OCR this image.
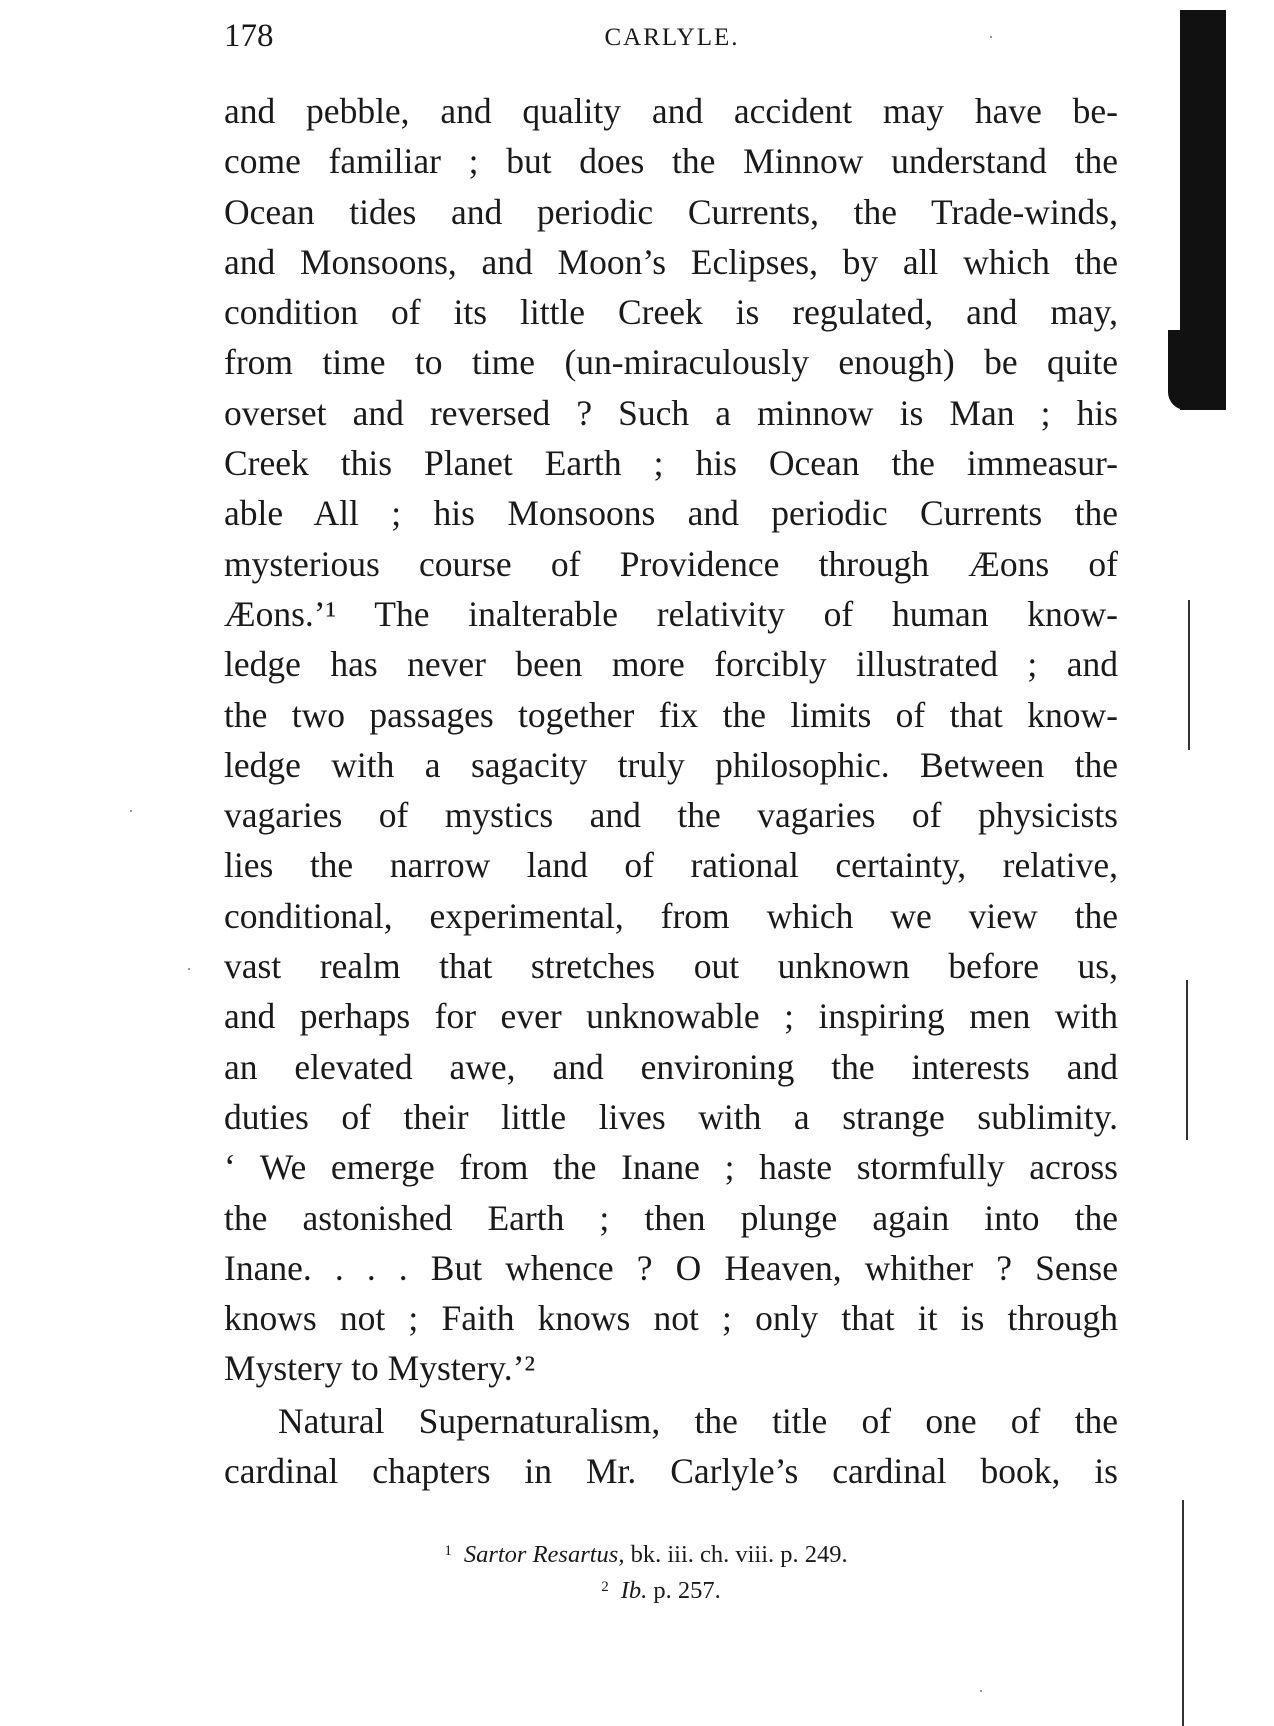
178	CARLYLE.
and pebble, and quality and accident may have be-
come familiar ; but does the Minnow understand the
Ocean tides and periodic Currents, the Trade-winds,
and Monsoons, and Moon’s Eclipses, by all which the
condition of its little Creek is regulated, and may,
from time to time (un-miraculously enough) be quite
overset and reversed ? Such a minnow is Man ; his
Creek this Planet Earth ; his Ocean the immeasur-
able All ; his Monsoons and periodic Currents the
mysterious course of Providence through Æons of
Æons.’¹ The inalterable relativity of human know-
ledge has never been more forcibly illustrated ; and
the two passages together fix the limits of that know-
ledge with a sagacity truly philosophic. Between the
vagaries of mystics and the vagaries of physicists
lies the narrow land of rational certainty, relative,
conditional, experimental, from which we view the
vast realm that stretches out unknown before us,
and perhaps for ever unknowable ; inspiring men with
an elevated awe, and environing the interests and
duties of their little lives with a strange sublimity.
‘ We emerge from the Inane ; haste stormfully across
the astonished Earth ; then plunge again into the
Inane. . . . But whence ? O Heaven, whither ? Sense
knows not ; Faith knows not ; only that it is through
Mystery to Mystery.’²
Natural Supernaturalism, the title of one of the
cardinal chapters in Mr. Carlyle’s cardinal book, is
$^1$ Sartor Resartus, bk. iii. ch. viii. p. 249.
$^2$ Ib. p. 257.
